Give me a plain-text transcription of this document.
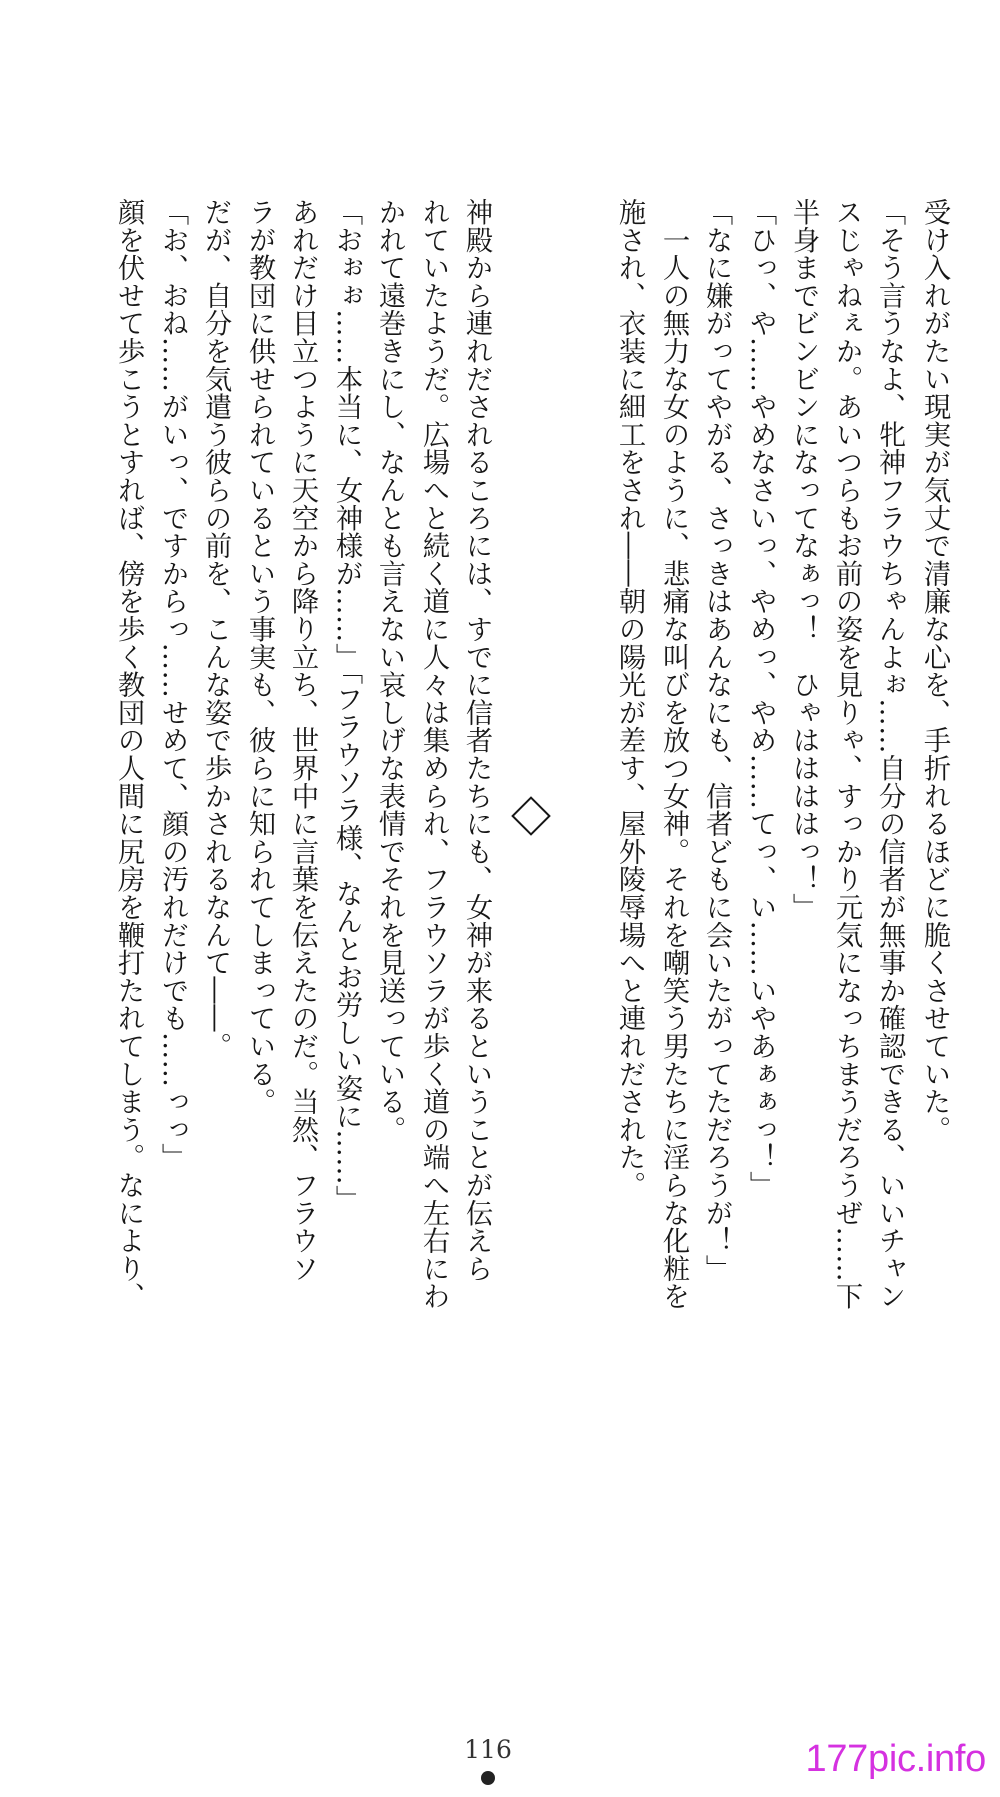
受け入れがたい現実が気丈で清廉な心を、手折れるほどに脆くさせていた。
「そう言うなよ、牝神フラウちゃんよぉ……自分の信者が無事か確認できる、いいチャン
スじゃねぇか。あいつらもお前の姿を見りゃ、すっかり元気になっちまうだろうぜ……下
半身までビンビンになってなぁっ！　ひゃははははっ！」
「ひっ、や……やめなさいっ、やめっ、やめ……てっ、い……いやあぁぁっ！」
「なに嫌がってやがる、さっきはあんなにも、信者どもに会いたがってただろうが！」
　一人の無力な女のように、悲痛な叫びを放つ女神。それを嘲笑う男たちに淫らな化粧を
施され、衣装に細工をされ――朝の陽光が差す、屋外陵辱場へと連れだされた。
神殿から連れだされるころには、すでに信者たちにも、女神が来るということが伝えら
れていたようだ。広場へと続く道に人々は集められ、フラウソラが歩く道の端へ左右にわ
かれて遠巻きにし、なんとも言えない哀しげな表情でそれを見送っている。
「おぉぉ……本当に、女神様が……」「フラウソラ様、なんとお労しい姿に……」
あれだけ目立つように天空から降り立ち、世界中に言葉を伝えたのだ。当然、フラウソ
ラが教団に供せられているという事実も、彼らに知られてしまっている。
だが、自分を気遣う彼らの前を、こんな姿で歩かされるなんて――。
「お、おね……がいっ、ですからっ……せめて、顔の汚れだけでも……っっ」
顔を伏せて歩こうとすれば、傍を歩く教団の人間に尻房を鞭打たれてしまう。なにより、
116	177pic.info
